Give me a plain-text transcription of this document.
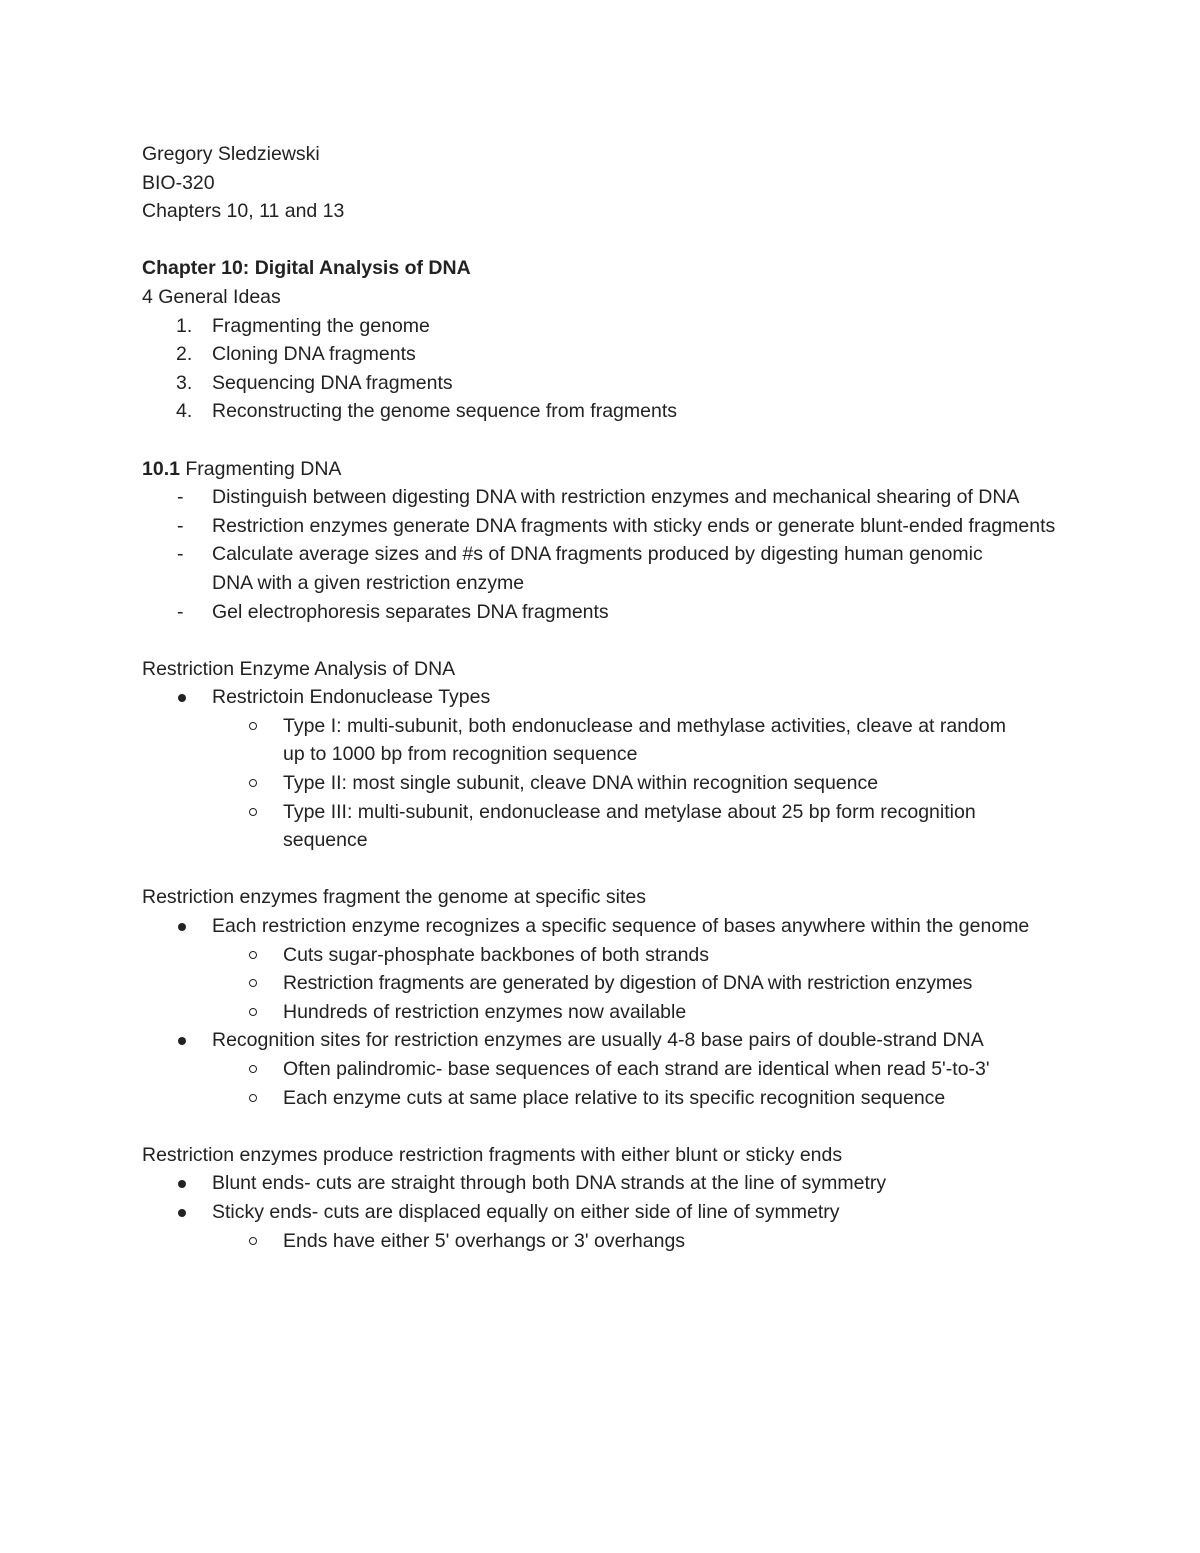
Gregory Sledziewski
BIO-320
Chapters 10, 11 and 13
Chapter 10: Digital Analysis of DNA
4 General Ideas
1. Fragmenting the genome
2. Cloning DNA fragments
3. Sequencing DNA fragments
4. Reconstructing the genome sequence from fragments
10.1 Fragmenting DNA
- Distinguish between digesting DNA with restriction enzymes and mechanical shearing of DNA
- Restriction enzymes generate DNA fragments with sticky ends or generate blunt-ended fragments
- Calculate average sizes and #s of DNA fragments produced by digesting human genomic DNA with a given restriction enzyme
- Gel electrophoresis separates DNA fragments
Restriction Enzyme Analysis of DNA
Restrictoin Endonuclease Types
Type I: multi-subunit, both endonuclease and methylase activities, cleave at random up to 1000 bp from recognition sequence
Type II: most single subunit, cleave DNA within recognition sequence
Type III: multi-subunit, endonuclease and metylase about 25 bp form recognition sequence
Restriction enzymes fragment the genome at specific sites
Each restriction enzyme recognizes a specific sequence of bases anywhere within the genome
Cuts sugar-phosphate backbones of both strands
Restriction fragments are generated by digestion of DNA with restriction enzymes
Hundreds of restriction enzymes now available
Recognition sites for restriction enzymes are usually 4-8 base pairs of double-strand DNA
Often palindromic- base sequences of each strand are identical when read 5'-to-3'
Each enzyme cuts at same place relative to its specific recognition sequence
Restriction enzymes produce restriction fragments with either blunt or sticky ends
Blunt ends- cuts are straight through both DNA strands at the line of symmetry
Sticky ends- cuts are displaced equally on either side of line of symmetry
Ends have either 5' overhangs or 3' overhangs
